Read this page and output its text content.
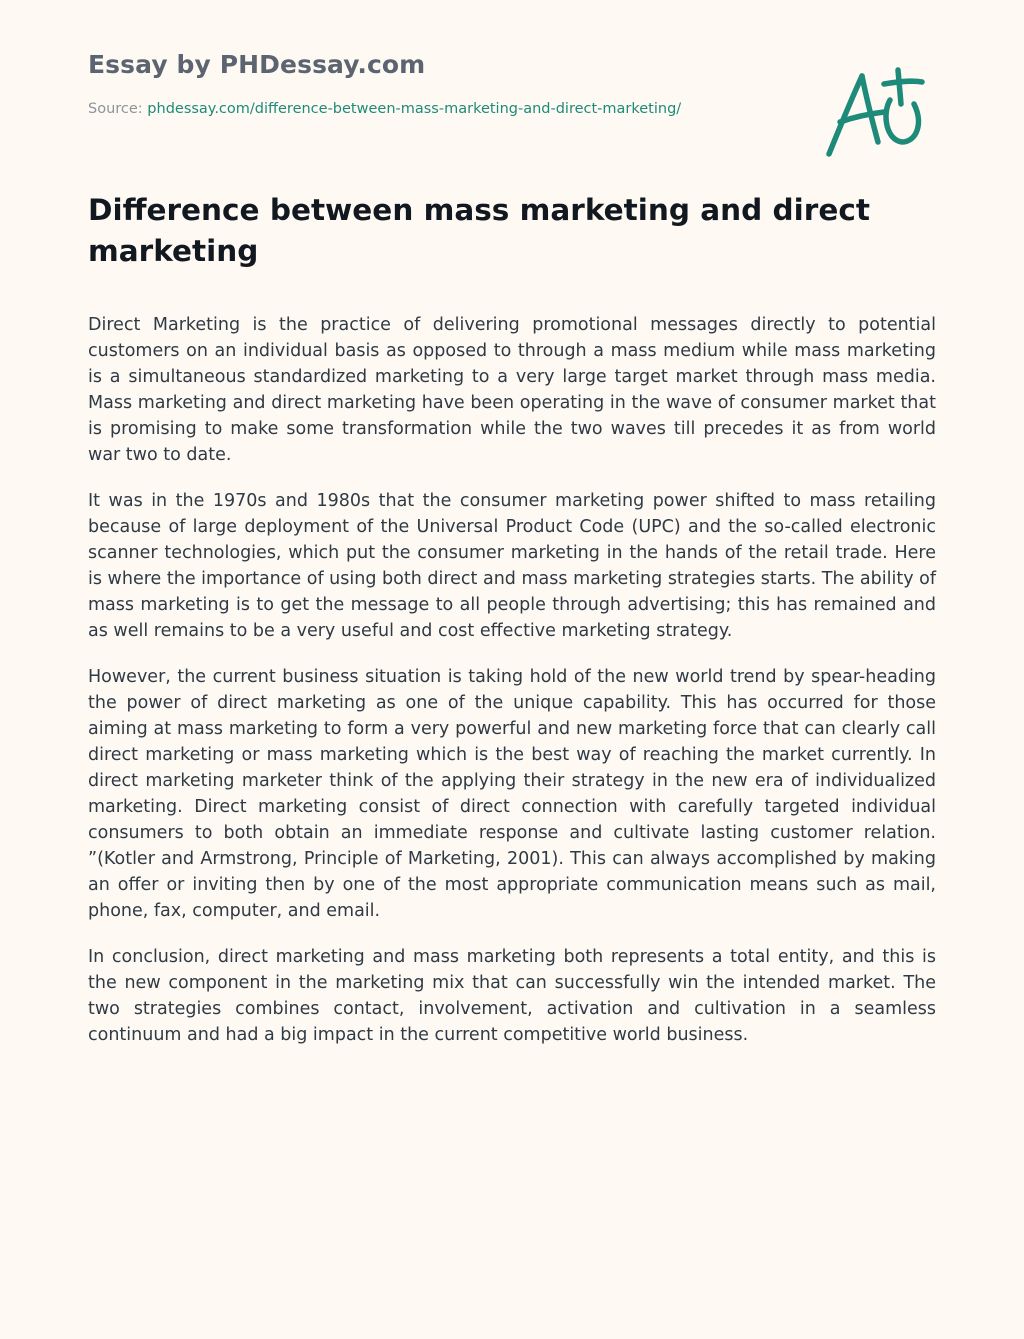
Essay by PHDessay.com

Source: phdessay.com/difference-between-mass-marketing-and-direct-marketing/

Difference between mass marketing and direct marketing

Direct Marketing is the practice of delivering promotional messages directly to potential customers on an individual basis as opposed to through a mass medium while mass marketing is a simultaneous standardized marketing to a very large target market through mass media. Mass marketing and direct marketing have been operating in the wave of consumer market that is promising to make some transformation while the two waves till precedes it as from world war two to date.

It was in the 1970s and 1980s that the consumer marketing power shifted to mass retailing because of large deployment of the Universal Product Code (UPC) and the so-called electronic scanner technologies, which put the consumer marketing in the hands of the retail trade. Here is where the importance of using both direct and mass marketing strategies starts. The ability of mass marketing is to get the message to all people through advertising; this has remained and as well remains to be a very useful and cost effective marketing strategy.

However, the current business situation is taking hold of the new world trend by spear-heading the power of direct marketing as one of the unique capability. This has occurred for those aiming at mass marketing to form a very powerful and new marketing force that can clearly call direct marketing or mass marketing which is the best way of reaching the market currently. In direct marketing marketer think of the applying their strategy in the new era of individualized marketing. Direct marketing consist of direct connection with carefully targeted individual consumers to both obtain an immediate response and cultivate lasting customer relation. ”(Kotler and Armstrong, Principle of Marketing, 2001). This can always accomplished by making an offer or inviting then by one of the most appropriate communication means such as mail, phone, fax, computer, and email.

In conclusion, direct marketing and mass marketing both represents a total entity, and this is the new component in the marketing mix that can successfully win the intended market. The two strategies combines contact, involvement, activation and cultivation in a seamless continuum and had a big impact in the current competitive world business.
